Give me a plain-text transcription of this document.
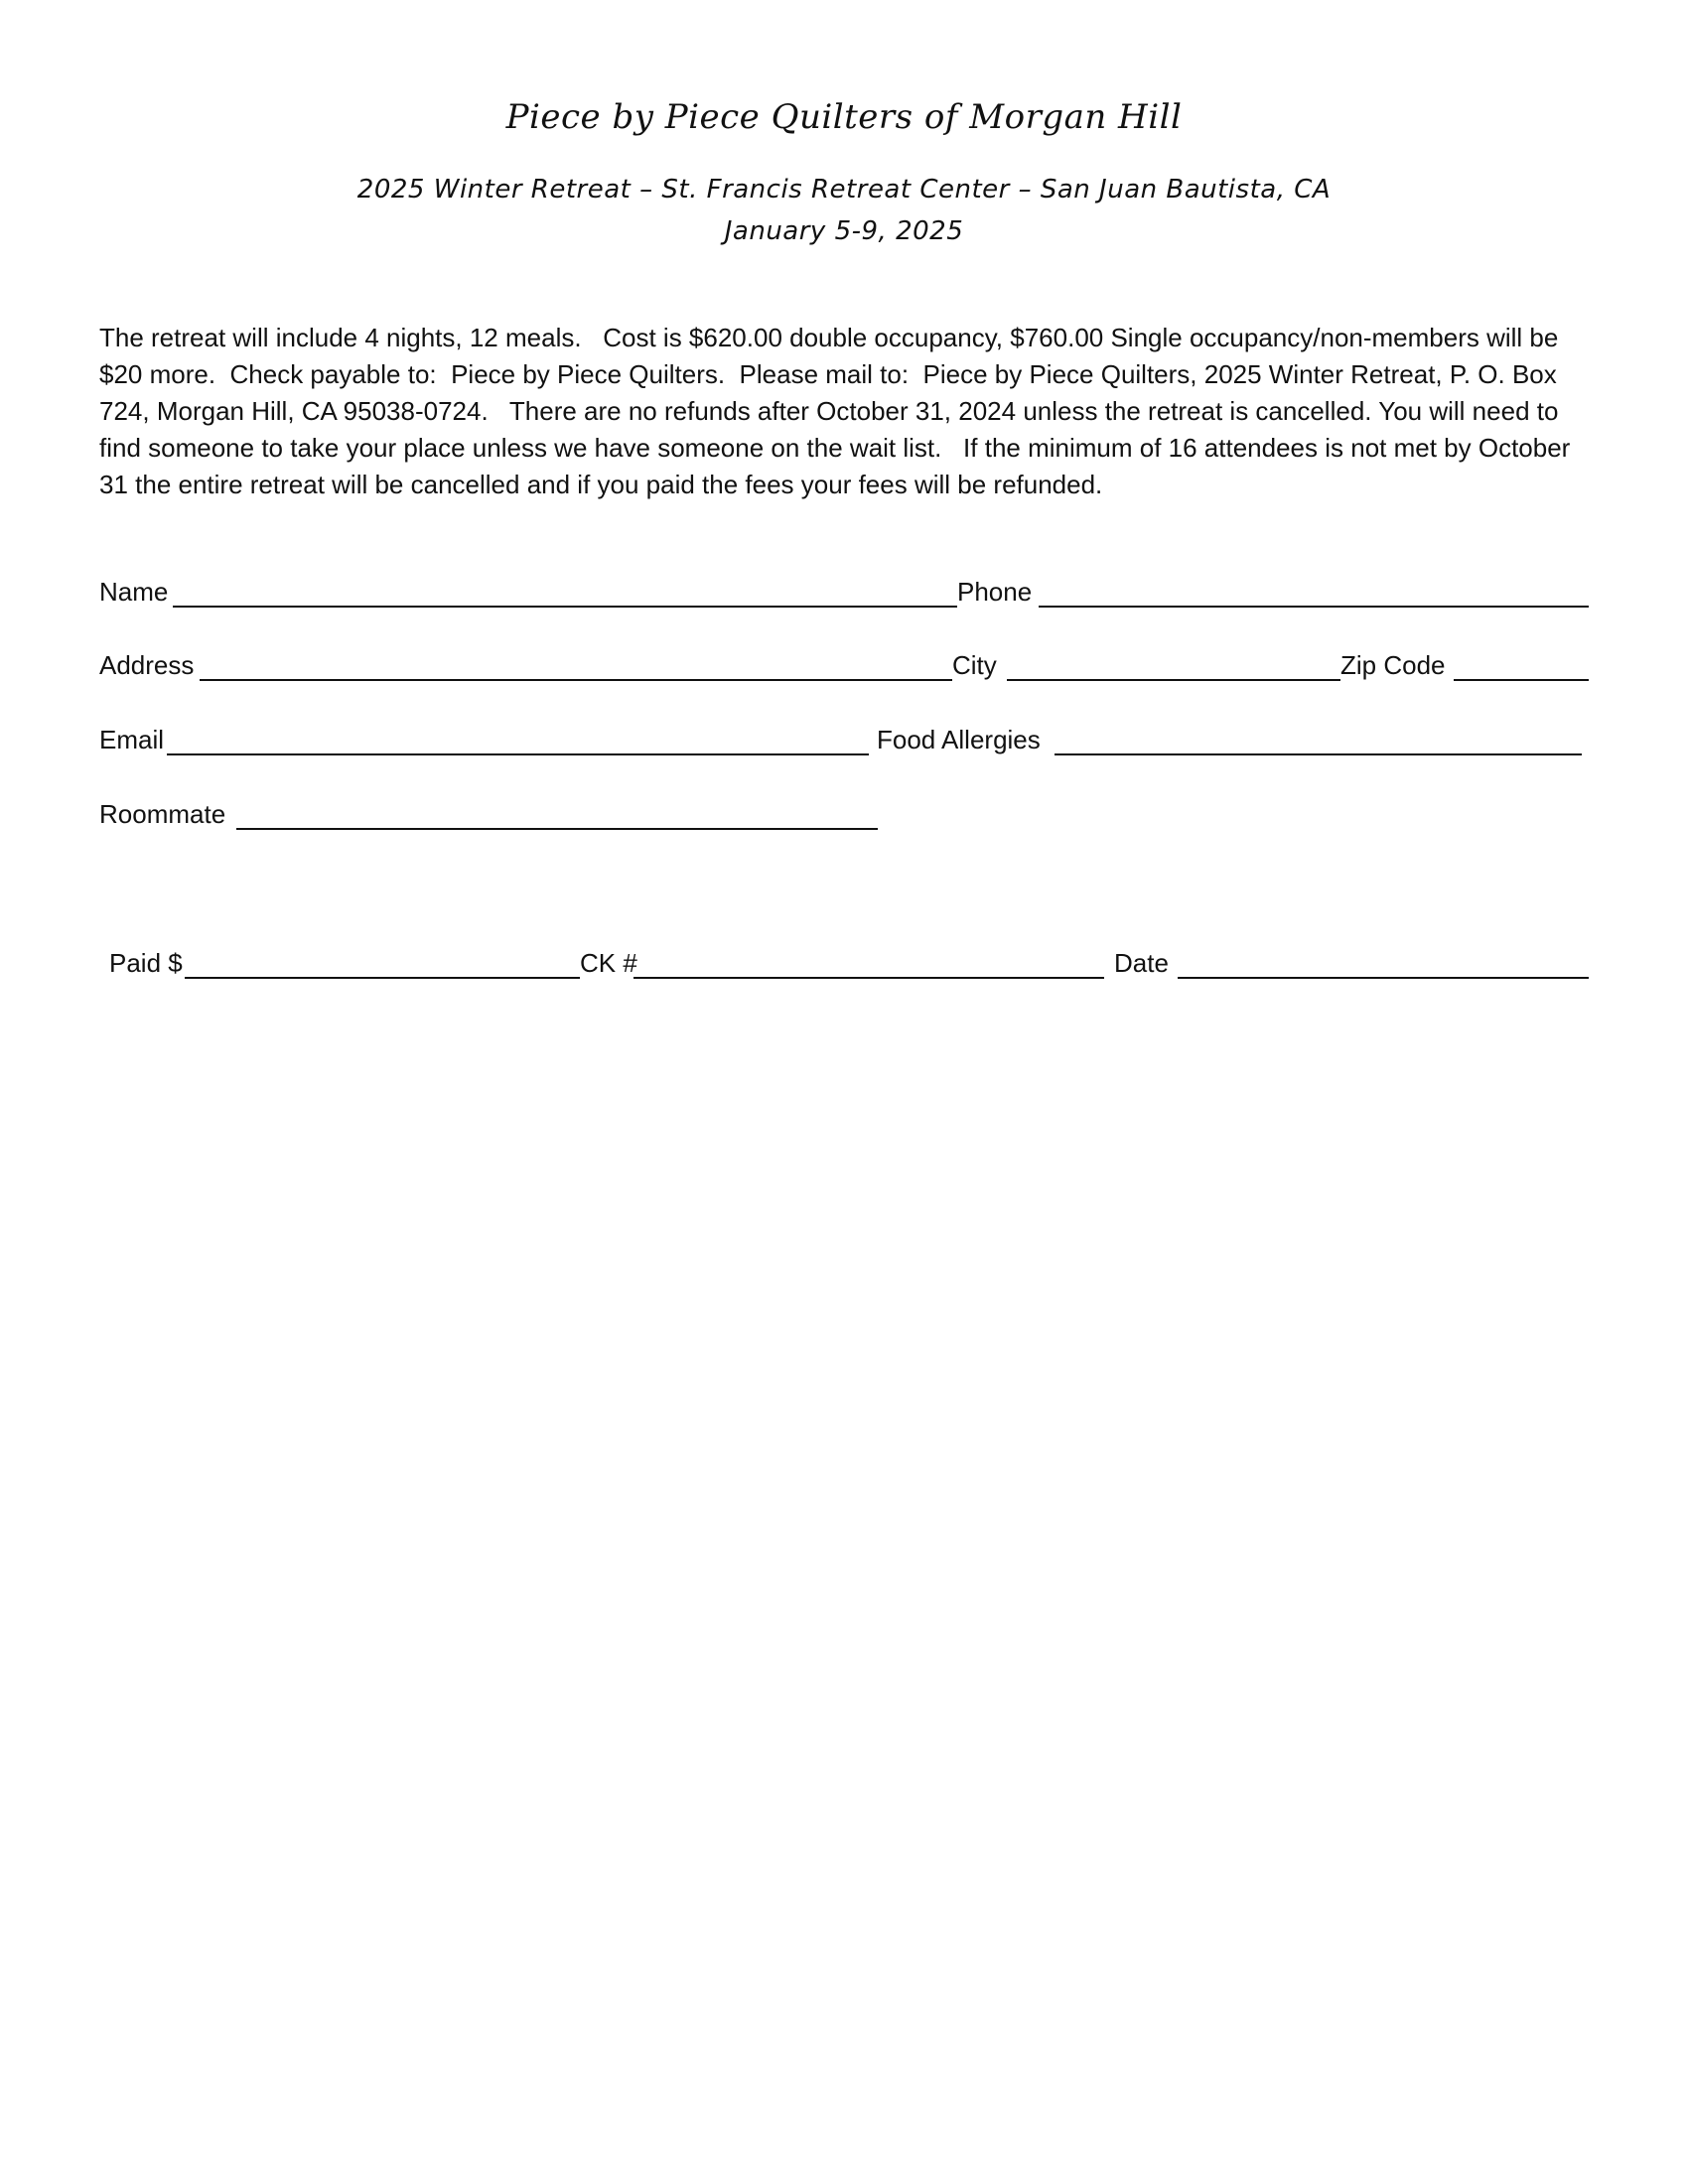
Piece by Piece Quilters of Morgan Hill
2025 Winter Retreat – St. Francis Retreat Center – San Juan Bautista, CA
January 5-9, 2025

The retreat will include 4 nights, 12 meals.   Cost is $620.00 double occupancy, $760.00 Single occupancy/non-members will be $20 more.  Check payable to:  Piece by Piece Quilters.  Please mail to:  Piece by Piece Quilters, 2025 Winter Retreat, P. O. Box 724, Morgan Hill, CA 95038-0724.   There are no refunds after October 31, 2024 unless the retreat is cancelled. You will need to find someone to take your place unless we have someone on the wait list.   If the minimum of 16 attendees is not met by October 31 the entire retreat will be cancelled and if you paid the fees your fees will be refunded.

Name	Phone
Address	City	Zip Code
Email	Food Allergies
Roommate
Paid $	CK #	Date
